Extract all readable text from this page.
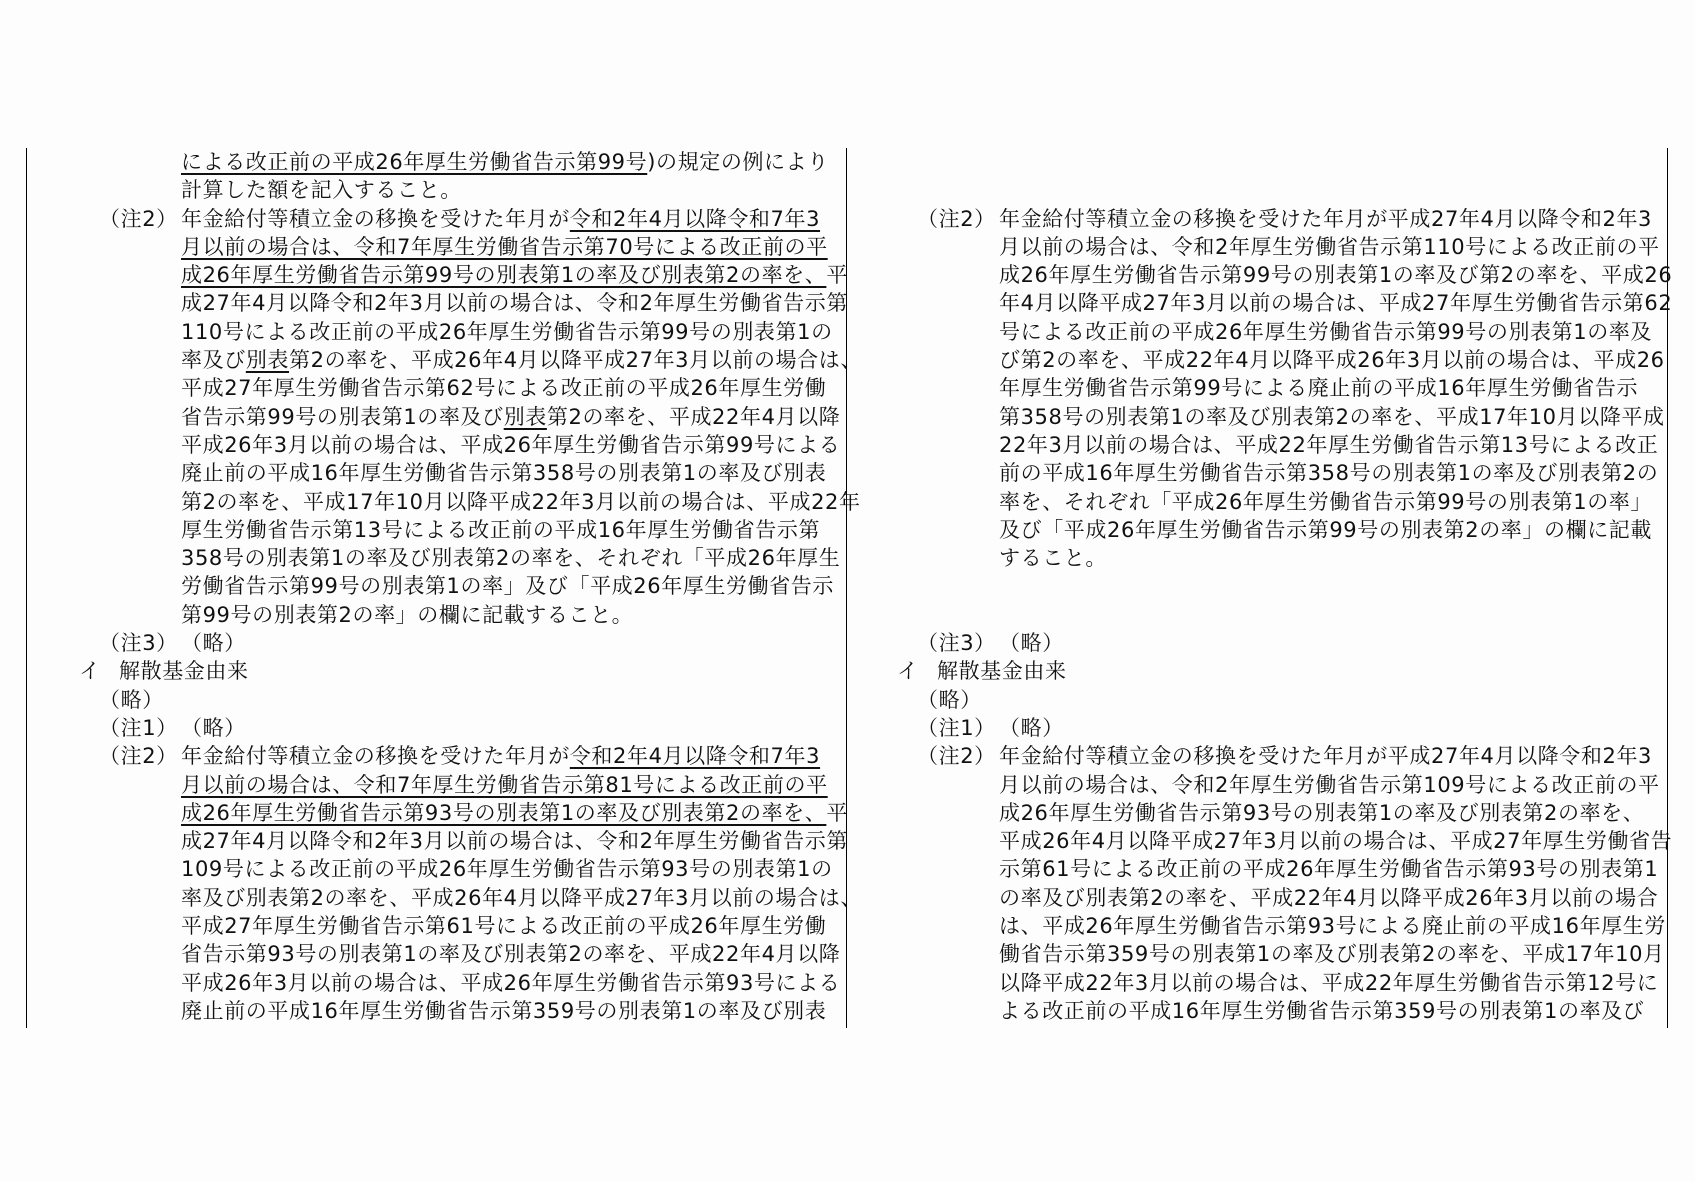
による改正前の平成26年厚生労働省告示第99号)の規定の例により
計算した額を記入すること。
（注2） 年金給付等積立金の移換を受けた年月が令和2年4月以降令和7年3
月以前の場合は、令和7年厚生労働省告示第70号による改正前の平
成26年厚生労働省告示第99号の別表第1の率及び別表第2の率を、平
成27年4月以降令和2年3月以前の場合は、令和2年厚生労働省告示第
110号による改正前の平成26年厚生労働省告示第99号の別表第1の
率及び別表第2の率を、平成26年4月以降平成27年3月以前の場合は、
平成27年厚生労働省告示第62号による改正前の平成26年厚生労働
省告示第99号の別表第1の率及び別表第2の率を、平成22年4月以降
平成26年3月以前の場合は、平成26年厚生労働省告示第99号による
廃止前の平成16年厚生労働省告示第358号の別表第1の率及び別表
第2の率を、平成17年10月以降平成22年3月以前の場合は、平成22年
厚生労働省告示第13号による改正前の平成16年厚生労働省告示第
358号の別表第1の率及び別表第2の率を、それぞれ「平成26年厚生
労働省告示第99号の別表第1の率」及び「平成26年厚生労働省告示
第99号の別表第2の率」の欄に記載すること。
（注3） （略）
イ 解散基金由来
（略）
（注1） （略）
（注2） 年金給付等積立金の移換を受けた年月が令和2年4月以降令和7年3
月以前の場合は、令和7年厚生労働省告示第81号による改正前の平
成26年厚生労働省告示第93号の別表第1の率及び別表第2の率を、平
成27年4月以降令和2年3月以前の場合は、令和2年厚生労働省告示第
109号による改正前の平成26年厚生労働省告示第93号の別表第1の
率及び別表第2の率を、平成26年4月以降平成27年3月以前の場合は、
平成27年厚生労働省告示第61号による改正前の平成26年厚生労働
省告示第93号の別表第1の率及び別表第2の率を、平成22年4月以降
平成26年3月以前の場合は、平成26年厚生労働省告示第93号による
廃止前の平成16年厚生労働省告示第359号の別表第1の率及び別表
（注2） 年金給付等積立金の移換を受けた年月が平成27年4月以降令和2年3
月以前の場合は、令和2年厚生労働省告示第110号による改正前の平
成26年厚生労働省告示第99号の別表第1の率及び第2の率を、平成26
年4月以降平成27年3月以前の場合は、平成27年厚生労働省告示第62
号による改正前の平成26年厚生労働省告示第99号の別表第1の率及
び第2の率を、平成22年4月以降平成26年3月以前の場合は、平成26
年厚生労働省告示第99号による廃止前の平成16年厚生労働省告示
第358号の別表第1の率及び別表第2の率を、平成17年10月以降平成
22年3月以前の場合は、平成22年厚生労働省告示第13号による改正
前の平成16年厚生労働省告示第358号の別表第1の率及び別表第2の
率を、それぞれ「平成26年厚生労働省告示第99号の別表第1の率」
及び「平成26年厚生労働省告示第99号の別表第2の率」の欄に記載
すること。
（注3） （略）
イ 解散基金由来
（略）
（注1） （略）
（注2） 年金給付等積立金の移換を受けた年月が平成27年4月以降令和2年3
月以前の場合は、令和2年厚生労働省告示第109号による改正前の平
成26年厚生労働省告示第93号の別表第1の率及び別表第2の率を、
平成26年4月以降平成27年3月以前の場合は、平成27年厚生労働省告
示第61号による改正前の平成26年厚生労働省告示第93号の別表第1
の率及び別表第2の率を、平成22年4月以降平成26年3月以前の場合
は、平成26年厚生労働省告示第93号による廃止前の平成16年厚生労
働省告示第359号の別表第1の率及び別表第2の率を、平成17年10月
以降平成22年3月以前の場合は、平成22年厚生労働省告示第12号に
よる改正前の平成16年厚生労働省告示第359号の別表第1の率及び
